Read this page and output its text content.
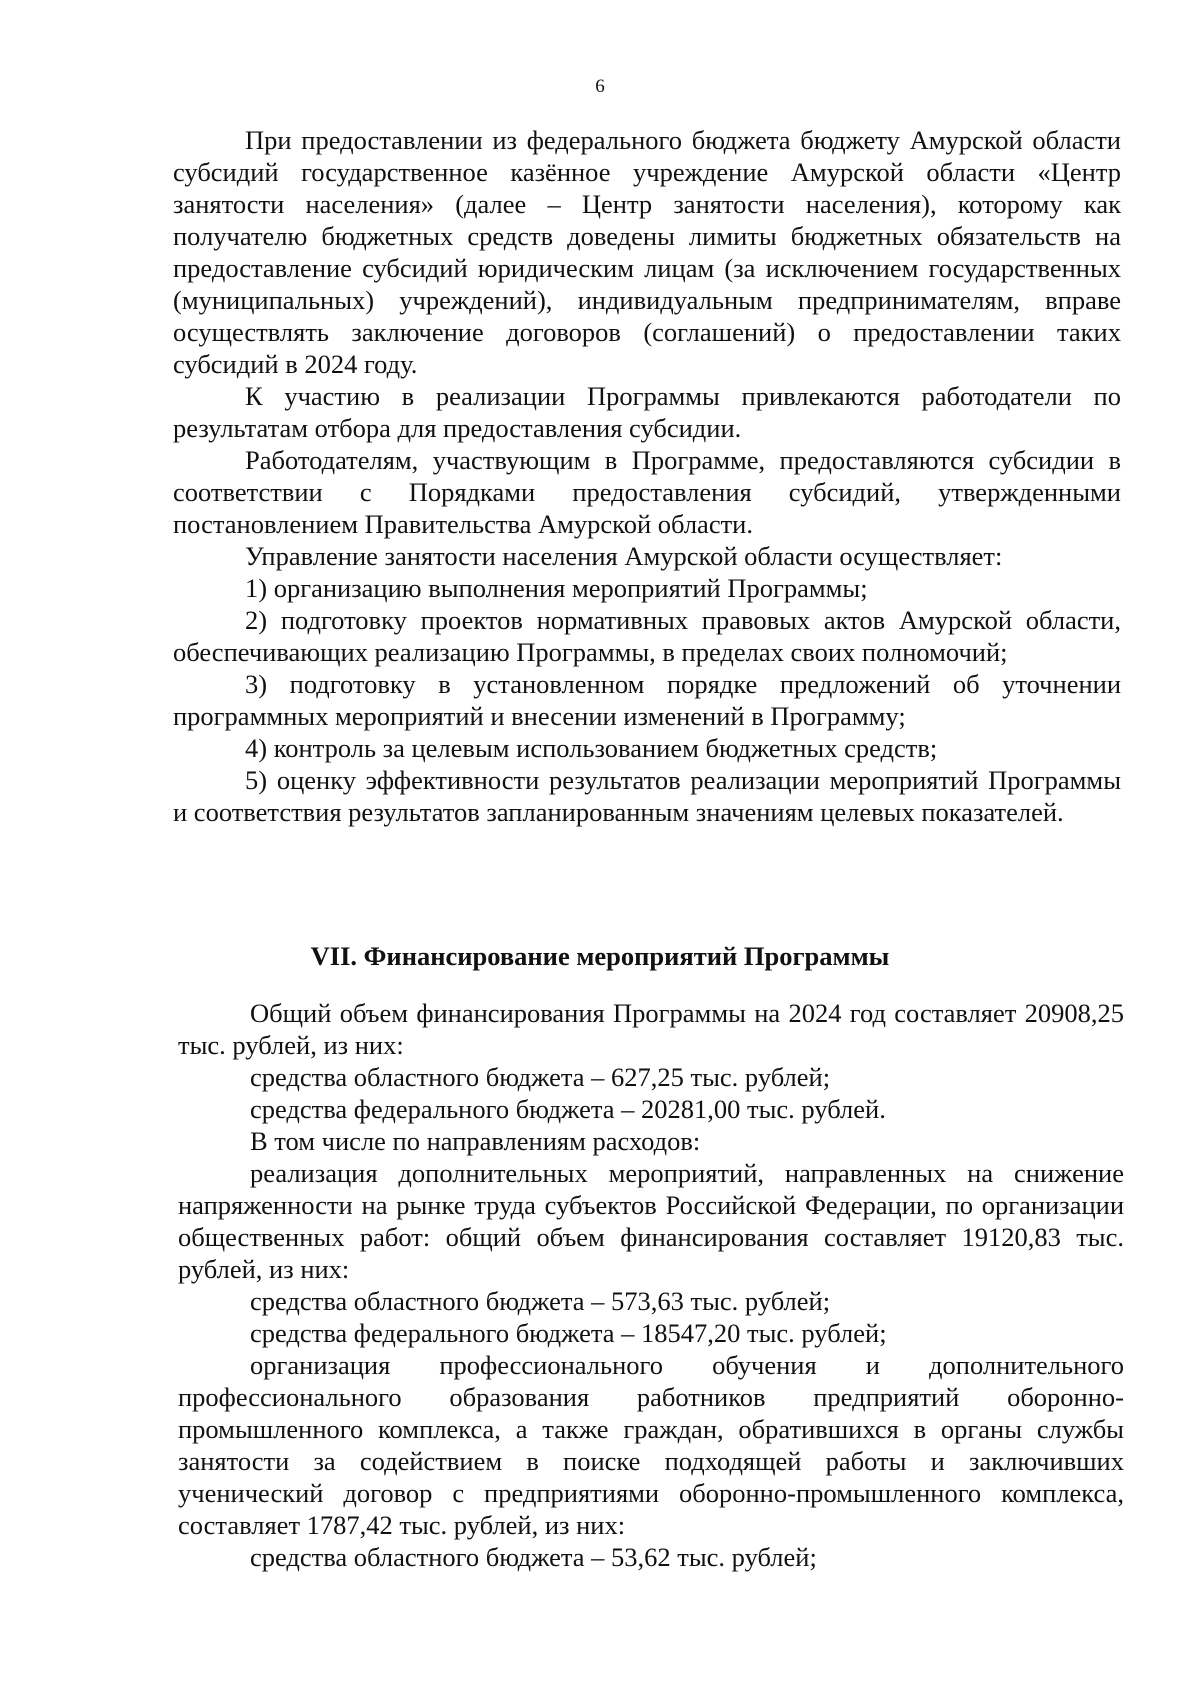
6

При предоставлении из федерального бюджета бюджету Амурской области субсидий государственное казённое учреждение Амурской области «Центр занятости населения» (далее – Центр занятости населения), которому как получателю бюджетных средств доведены лимиты бюджетных обязательств на предоставление субсидий юридическим лицам (за исключением государственных (муниципальных) учреждений), индивидуальным предпринимателям, вправе осуществлять заключение договоров (соглашений) о предоставлении таких субсидий в 2024 году.

К участию в реализации Программы привлекаются работодатели по результатам отбора для предоставления субсидии.

Работодателям, участвующим в Программе, предоставляются субсидии в соответствии с Порядками предоставления субсидий, утвержденными постановлением Правительства Амурской области.

Управление занятости населения Амурской области осуществляет:

1) организацию выполнения мероприятий Программы;

2) подготовку проектов нормативных правовых актов Амурской области, обеспечивающих реализацию Программы, в пределах своих полномочий;

3) подготовку в установленном порядке предложений об уточнении программных мероприятий и внесении изменений в Программу;

4) контроль за целевым использованием бюджетных средств;

5) оценку эффективности результатов реализации мероприятий Программы и соответствия результатов запланированным значениям целевых показателей.

VII. Финансирование мероприятий Программы

Общий объем финансирования Программы на 2024 год составляет 20908,25 тыс. рублей, из них:

средства областного бюджета – 627,25 тыс. рублей;

средства федерального бюджета – 20281,00 тыс. рублей.

В том числе по направлениям расходов:

реализация дополнительных мероприятий, направленных на снижение напряженности на рынке труда субъектов Российской Федерации, по организации общественных работ: общий объем финансирования составляет 19120,83 тыс. рублей, из них:

средства областного бюджета – 573,63 тыс. рублей;

средства федерального бюджета – 18547,20 тыс. рублей;

организация профессионального обучения и дополнительного профессионального образования работников предприятий оборонно-промышленного комплекса, а также граждан, обратившихся в органы службы занятости за содействием в поиске подходящей работы и заключивших ученический договор с предприятиями оборонно-промышленного комплекса, составляет 1787,42 тыс. рублей, из них:

средства областного бюджета – 53,62 тыс. рублей;
